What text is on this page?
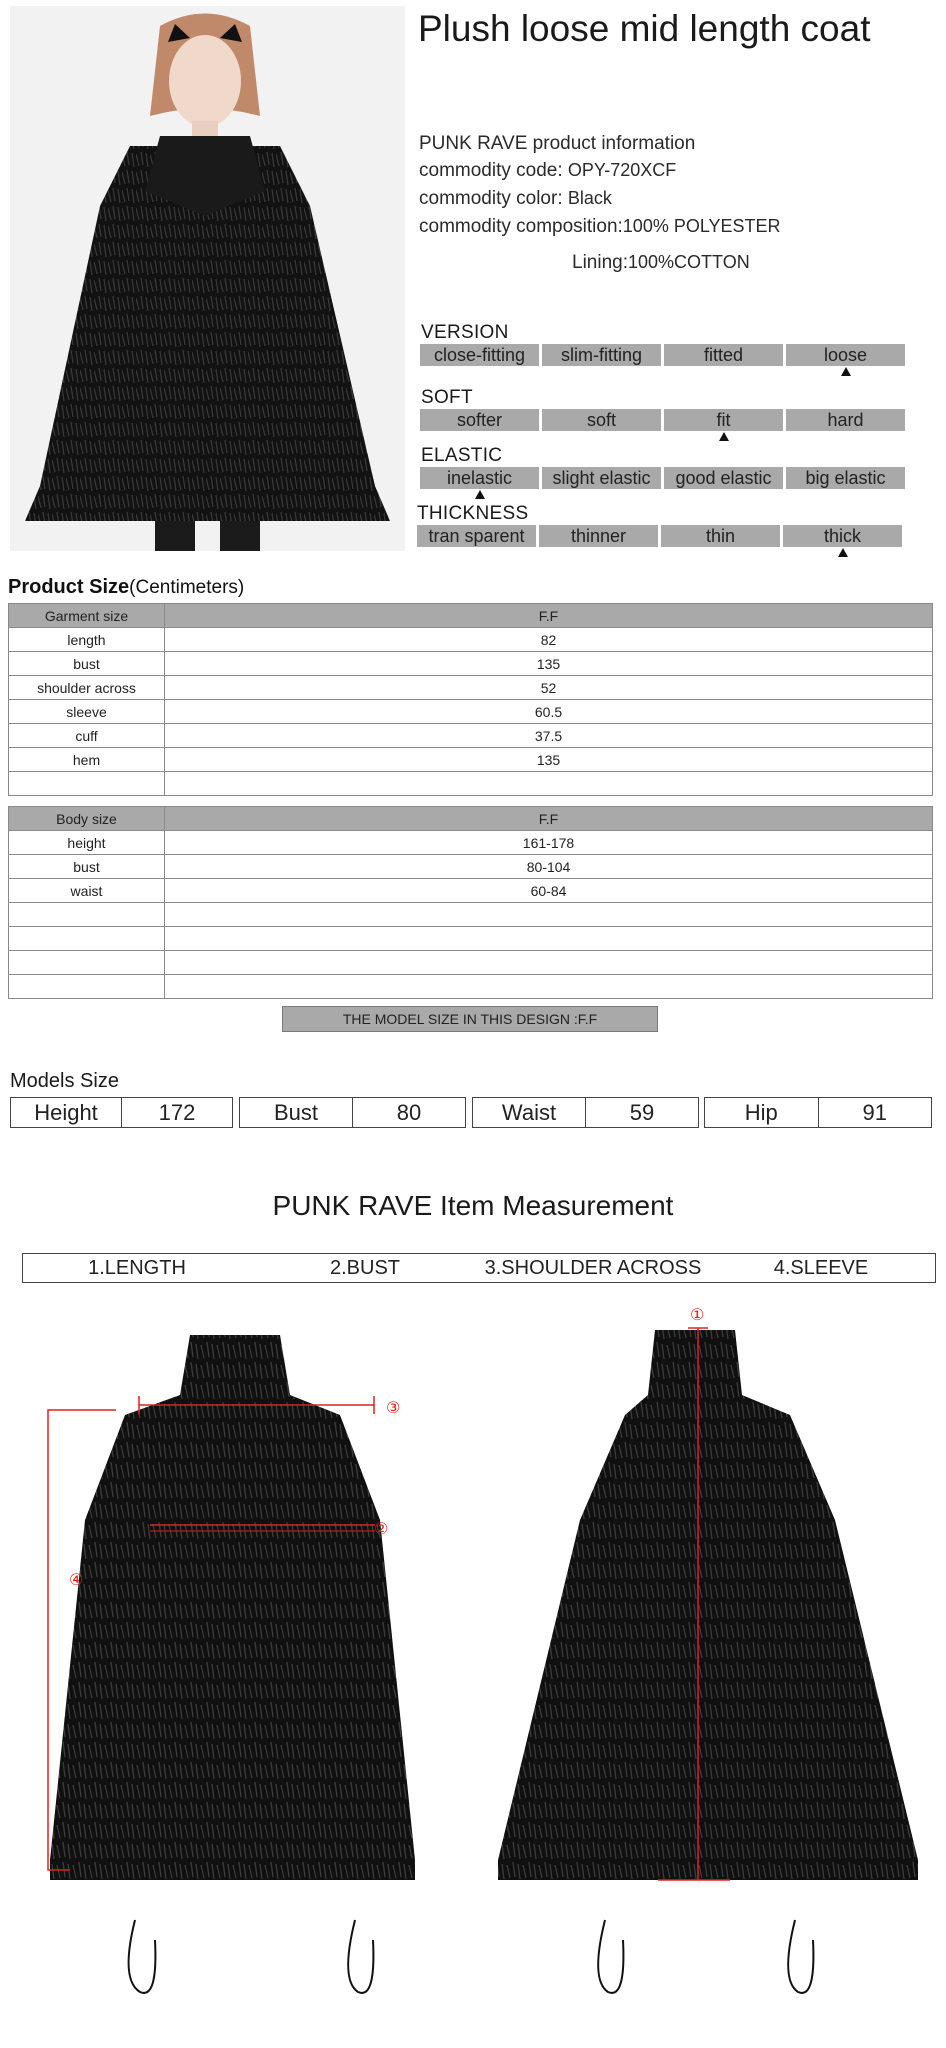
Plush loose mid length coat
PUNK RAVE product information
commodity code: OPY-720XCF
commodity color: Black
commodity composition:100% POLYESTER
Lining:100%COTTON
VERSION
close-fitting	slim-fitting	fitted	loose
SOFT
softer	soft	fit	hard
ELASTIC
inelastic	slight elastic	good elastic	big elastic
THICKNESS
tran sparent	thinner	thin	thick
Product Size(Centimeters)
Garment size	F.F
length	82
bust	135
shoulder across	52
sleeve	60.5
cuff	37.5
hem	135

Body size	F.F
height	161-178
bust	80-104
waist	60-84

THE MODEL SIZE IN THIS DESIGN :F.F
Models Size
Height	172	Bust	80	Waist	59	Hip	91
PUNK RAVE Item Measurement
1.LENGTH	2.BUST	3.SHOULDER ACROSS	4.SLEEVE
③
②
④
①
